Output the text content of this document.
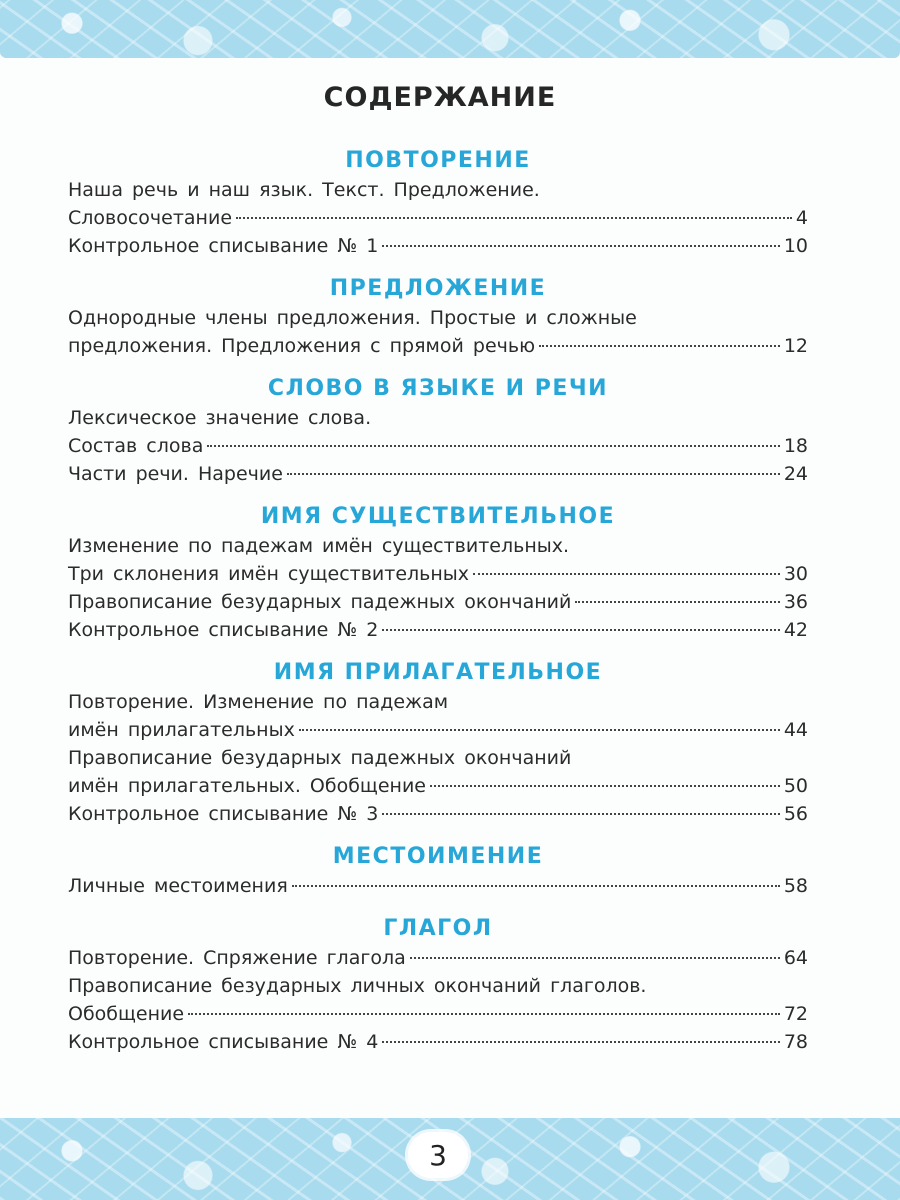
СОДЕРЖАНИЕ
ПОВТОРЕНИЕ
Наша речь и наш язык. Текст. Предложение.
Словосочетание	4
Контрольное списывание № 1	10
ПРЕДЛОЖЕНИЕ
Однородные члены предложения. Простые и сложные
предложения. Предложения с прямой речью	12
СЛОВО В ЯЗЫКЕ И РЕЧИ
Лексическое значение слова.
Состав слова	18
Части речи. Наречие	24
ИМЯ СУЩЕСТВИТЕЛЬНОЕ
Изменение по падежам имён существительных.
Три склонения имён существительных	30
Правописание безударных падежных окончаний	36
Контрольное списывание № 2	42
ИМЯ ПРИЛАГАТЕЛЬНОЕ
Повторение. Изменение по падежам
имён прилагательных	44
Правописание безударных падежных окончаний
имён прилагательных. Обобщение	50
Контрольное списывание № 3	56
МЕСТОИМЕНИЕ
Личные местоимения	58
ГЛАГОЛ
Повторение. Спряжение глагола	64
Правописание безударных личных окончаний глаголов.
Обобщение	72
Контрольное списывание № 4	78
3
